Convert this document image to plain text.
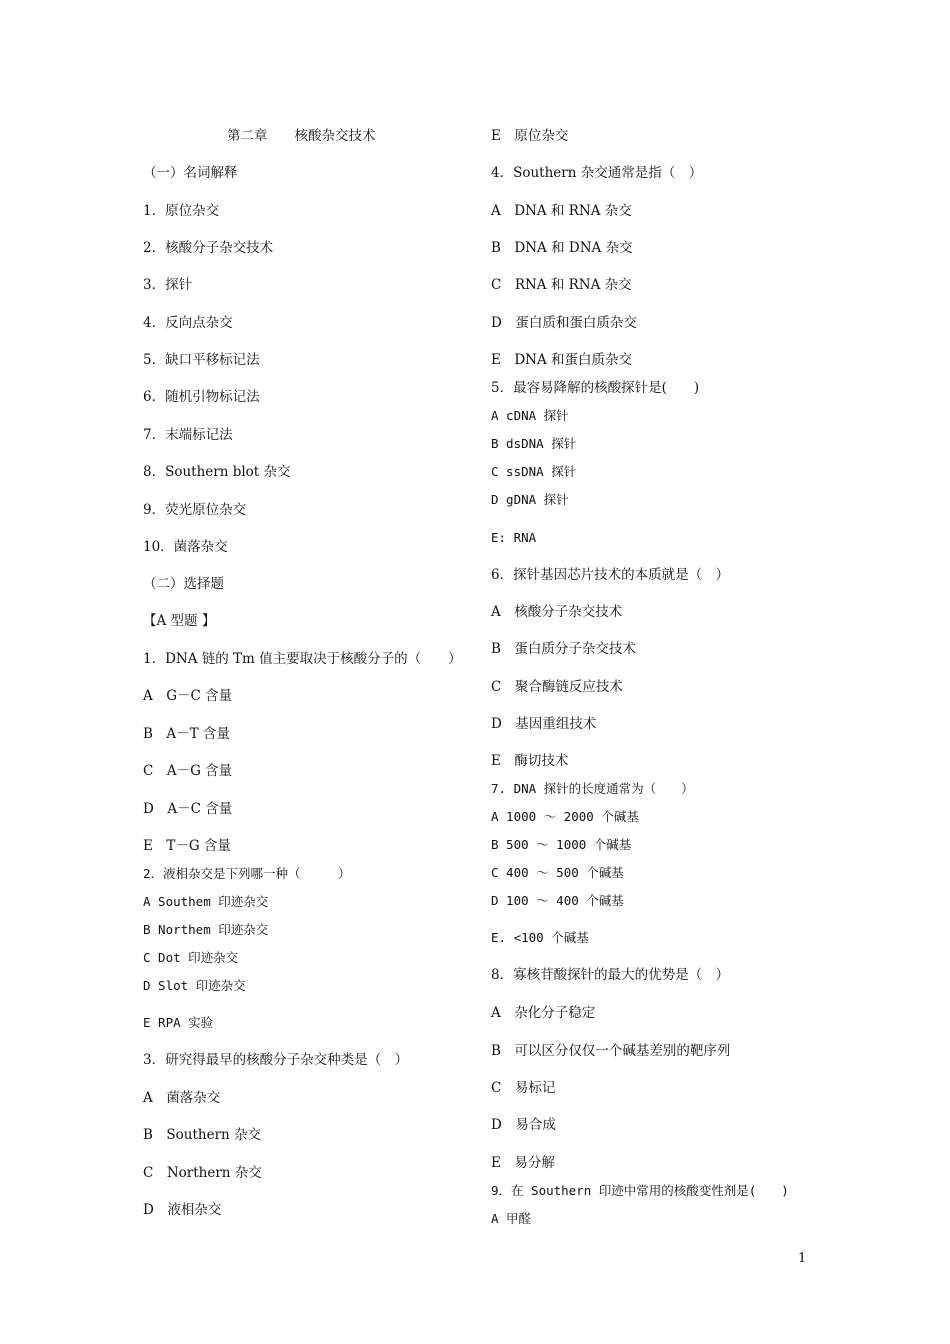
第二章　　核酸杂交技术
（一）名词解释
1．原位杂交
2．核酸分子杂交技术
3．探针
4．反向点杂交
5．缺口平移标记法
6．随机引物标记法
7．末端标记法
8．Southern blot 杂交
9．荧光原位杂交
10．菌落杂交
（二）选择题
【A 型题 】
1．DNA 链的 Tm 值主要取决于核酸分子的（　　）
A　G－C 含量
B　A－T 含量
C　A－G 含量
D　A－C 含量
E　T－G 含量
2．液相杂交是下列哪一种（　　　）
A Southem 印迹杂交
B Northem 印迹杂交
C Dot 印迹杂交
D Slot 印迹杂交
E RPA 实验
3．研究得最早的核酸分子杂交种类是（　）
A　菌落杂交
B　Southern 杂交
C　Northern 杂交
D　液相杂交
E　原位杂交
4．Southern 杂交通常是指（　）
A　DNA 和 RNA 杂交
B　DNA 和 DNA 杂交
C　RNA 和 RNA 杂交
D　蛋白质和蛋白质杂交
E　DNA 和蛋白质杂交
5．最容易降解的核酸探针是(　　)
A cDNA 探针
B dsDNA 探针
C ssDNA 探针
D gDNA 探针
E: RNA
6．探针基因芯片技术的本质就是（　）
A　核酸分子杂交技术
B　蛋白质分子杂交技术
C　聚合酶链反应技术
D　基因重组技术
E　酶切技术
7. DNA 探针的长度通常为（　　）
A 1000 ～ 2000 个碱基
B 500 ～ 1000 个碱基
C 400 ～ 500 个碱基
D 100 ～ 400 个碱基
E. <100 个碱基
8．寡核苷酸探针的最大的优势是（　）
A　杂化分子稳定
B　可以区分仅仅一个碱基差别的靶序列
C　易标记
D　易合成
E　易分解
9．在 Southern 印迹中常用的核酸变性剂是(　　)
A 甲醛
1
